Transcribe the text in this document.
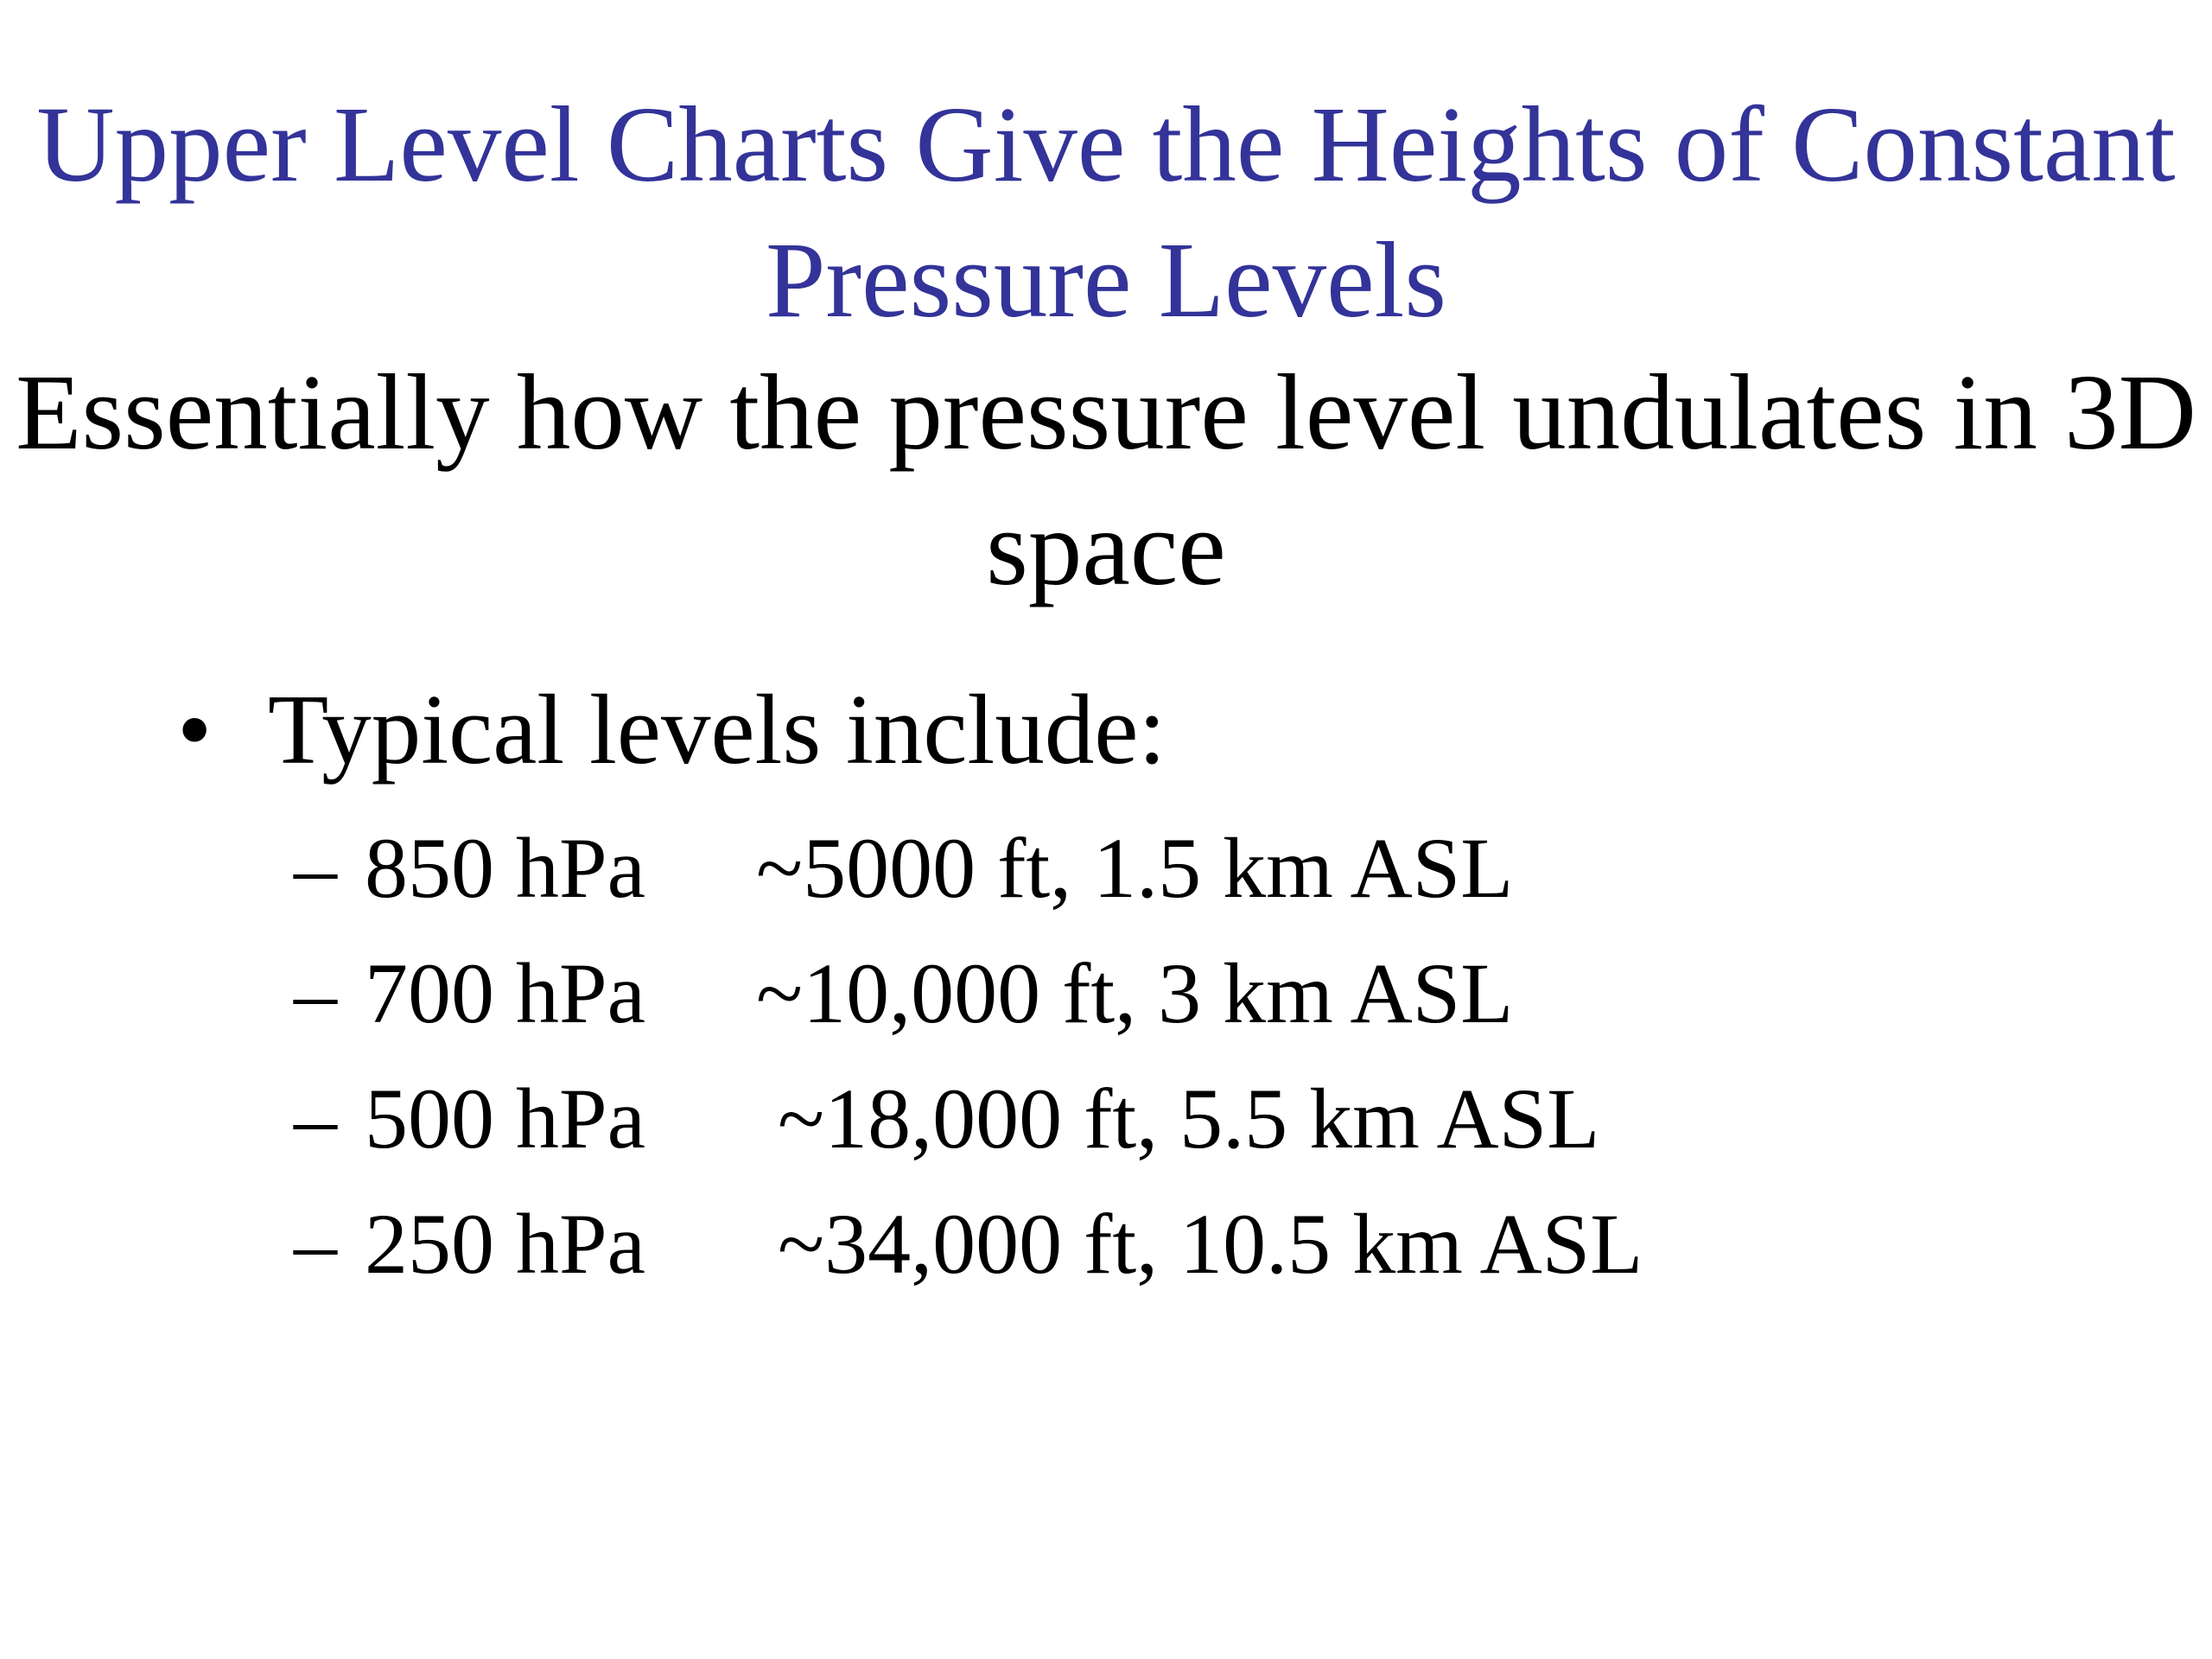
Upper Level Charts Give the Heights of Constant Pressure Levels

Essentially how the pressure level undulates in 3D space

• Typical levels include:
– 850 hPa ~5000 ft, 1.5 km ASL
– 700 hPa ~10,000 ft, 3 km ASL
– 500 hPa ~18,000 ft, 5.5 km ASL
– 250 hPa ~34,000 ft, 10.5 km ASL
